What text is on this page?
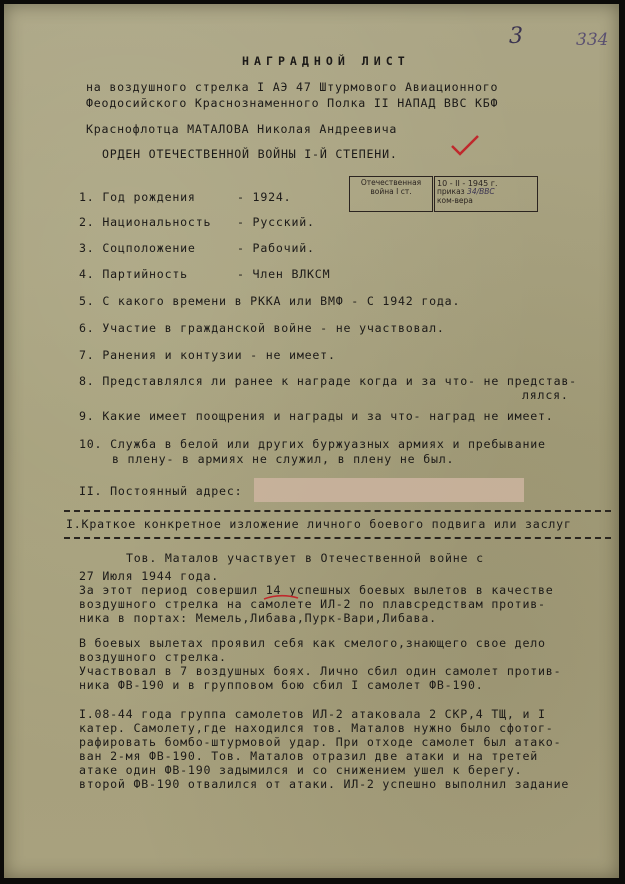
3	334
НАГРАДНОЙ ЛИСТ
на воздушного стрелка I АЭ 47 Штурмового Авиационного
Феодосийского Краснознаменного Полка II НАПАД ВВС КБФ
Краснофлотца МАТАЛОВА Николая Андреевича
ОРДЕН ОТЕЧЕСТВЕННОЙ ВОЙНЫ I-Й СТЕПЕНИ.
Отечественная
война I ст.
10 - II - 1945 г.
приказ 34/ВВС
ком-вера
1. Год рождения	- 1924.
2. Национальность - Русский.
3. Соцположение	- Рабочий.
4. Партийность	- Член ВЛКСМ
5. С какого времени в РККА или ВМФ - С 1942 года.
6. Участие в гражданской войне - не участвовал.
7. Ранения и контузии - не имеет.
8. Представлялся ли ранее к награде когда и за что- не представ-
лялся.
9. Какие имеет поощрения и награды и за что- наград не имеет.
10. Служба в белой или других буржуазных армиях и пребывание
в плену- в армиях не служил, в плену не был.
II. Постоянный адрес:
I.Краткое конкретное изложение личного боевого подвига или заслуг
Тов. Маталов участвует в Отечественной войне с
27 Июля 1944 года.
За этот период совершил 14 успешных боевых вылетов в качестве
воздушного стрелка на самолете ИЛ-2 по плавсредствам против-
ника в портах: Мемель,Либава,Пурк-Вари,Либава.
В боевых вылетах проявил себя как смелого,знающего свое дело
воздушного стрелка.
Участвовал в 7 воздушных боях. Лично сбил один самолет против-
ника ФВ-190 и в групповом бою сбил I самолет ФВ-190.
I.08-44 года группа самолетов ИЛ-2 атаковала 2 СКР,4 ТЩ, и I
катер. Самолету,где находился тов. Маталов нужно было сфотог-
рафировать бомбо-штурмовой удар. При отходе самолет был атако-
ван 2-мя ФВ-190. Тов. Маталов отразил две атаки и на третей
атаке один ФВ-190 задымился и со снижением ушел к берегу.
второй ФВ-190 отвалился от атаки. ИЛ-2 успешно выполнил задание
